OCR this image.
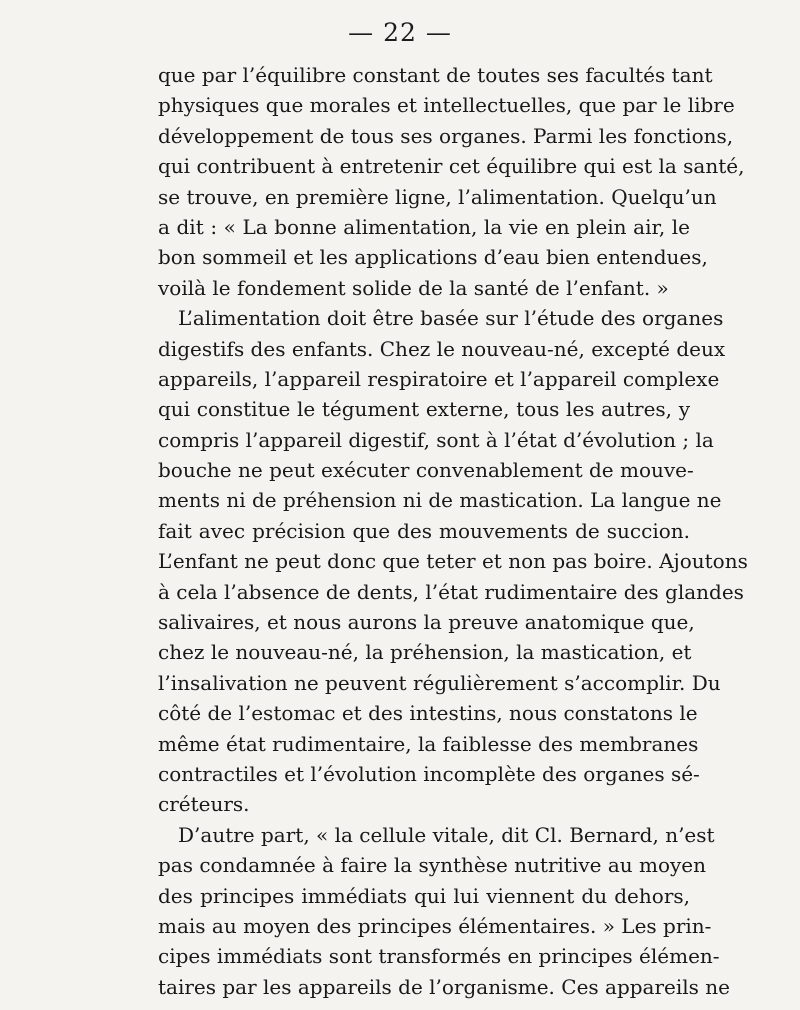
— 22 —
que par l’équilibre constant de toutes ses facultés tant
physiques que morales et intellectuelles, que par le libre
développement de tous ses organes. Parmi les fonctions,
qui contribuent à entretenir cet équilibre qui est la santé,
se trouve, en première ligne, l’alimentation. Quelqu’un
a dit : « La bonne alimentation, la vie en plein air, le
bon sommeil et les applications d’eau bien entendues,
voilà le fondement solide de la santé de l’enfant. »
L’alimentation doit être basée sur l’étude des organes
digestifs des enfants. Chez le nouveau-né, excepté deux
appareils, l’appareil respiratoire et l’appareil complexe
qui constitue le tégument externe, tous les autres, y
compris l’appareil digestif, sont à l’état d’évolution ; la
bouche ne peut exécuter convenablement de mouve-
ments ni de préhension ni de mastication. La langue ne
fait avec précision que des mouvements de succion.
L’enfant ne peut donc que teter et non pas boire. Ajoutons
à cela l’absence de dents, l’état rudimentaire des glandes
salivaires, et nous aurons la preuve anatomique que,
chez le nouveau-né, la préhension, la mastication, et
l’insalivation ne peuvent régulièrement s’accomplir. Du
côté de l’estomac et des intestins, nous constatons le
même état rudimentaire, la faiblesse des membranes
contractiles et l’évolution incomplète des organes sé-
créteurs.
D’autre part, « la cellule vitale, dit Cl. Bernard, n’est
pas condamnée à faire la synthèse nutritive au moyen
des principes immédiats qui lui viennent du dehors,
mais au moyen des principes élémentaires. » Les prin-
cipes immédiats sont transformés en principes élémen-
taires par les appareils de l’organisme. Ces appareils ne
